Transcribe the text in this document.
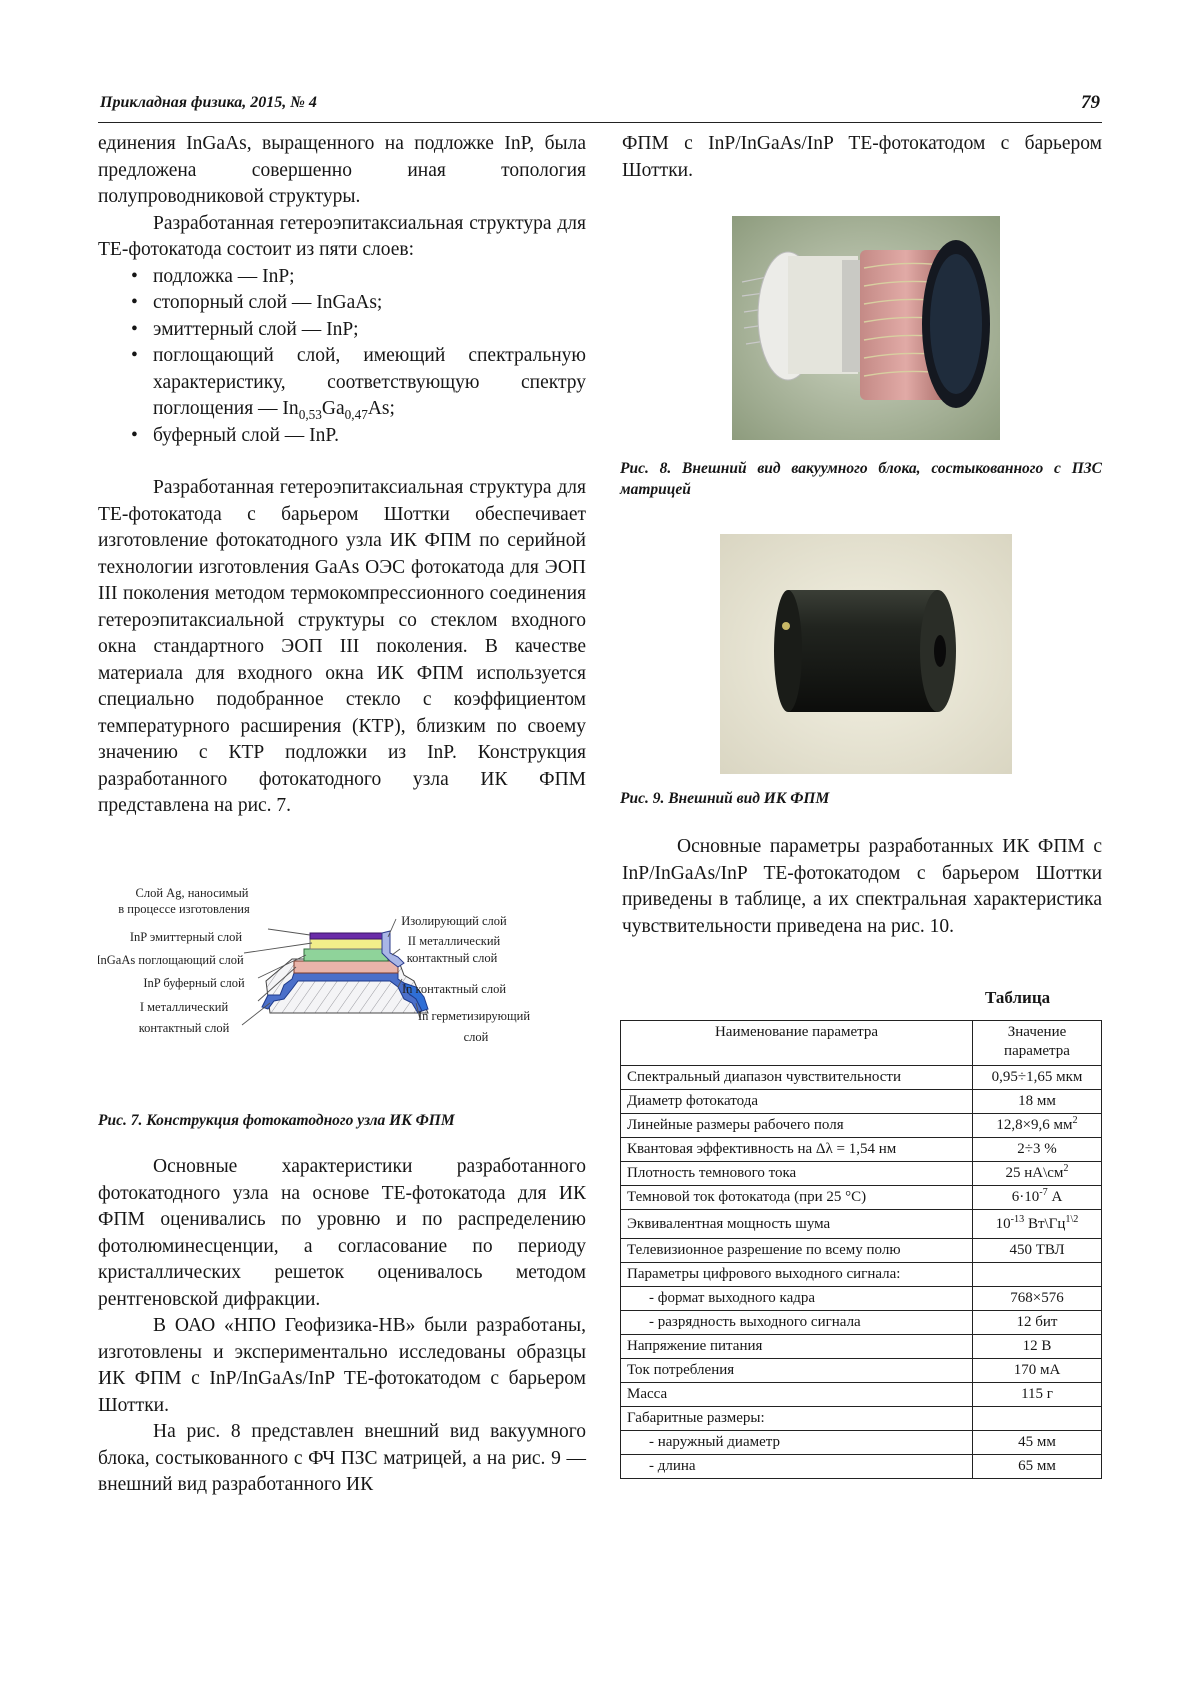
Прикладная физика, 2015, № 4	79

единения InGaAs, выращенного на подложке InP, была предложена совершенно иная топология полупроводниковой структуры.

Разработанная гетероэпитаксиальная структура для ТЕ-фотокатода состоит из пяти слоев:

• подложка — InP;
• стопорный слой — InGaAs;
• эмиттерный слой — InP;
• поглощающий слой, имеющий спектральную характеристику, соответствующую спектру поглощения — $In_{0,53}Ga_{0,47}As$;
• буферный слой — InP.

Разработанная гетероэпитаксиальная структура для ТЕ-фотокатода с барьером Шоттки обеспечивает изготовление фотокатодного узла ИК ФПМ по серийной технологии изготовления GaAs ОЭС фотокатода для ЭОП III поколения методом термокомпрессионного соединения гетероэпитаксиальной структуры со стеклом входного окна стандартного ЭОП III поколения. В качестве материала для входного окна ИК ФПМ используется специально подобранное стекло с коэффициентом температурного расширения (КТР), близким по своему значению с КТР подложки из InP. Конструкция разработанного фотокатодного узла ИК ФПМ представлена на рис. 7.

Слой Ag, наносимый
в процессе изготовления
InP эмиттерный слой
InGaAs поглощающий слой
InP буферный слой
I металлический
контактный слой
Изолирующий слой
II металлический
контактный слой
In контактный слой
In герметизирующий
слой
Рис. 7. Конструкция фотокатодного узла ИК ФПМ

Основные характеристики разработанного фотокатодного узла на основе ТЕ-фотокатода для ИК ФПМ оценивались по уровню и по распределению фотолюминесценции, а согласование по периоду кристаллических решеток оценивалось методом рентгеновской дифракции.

В ОАО «НПО Геофизика-НВ» были разработаны, изготовлены и экспериментально исследованы образцы ИК ФПМ с InP/InGaAs/InP ТЕ-фотокатодом с барьером Шоттки.

На рис. 8 представлен внешний вид вакуумного блока, состыкованного с ФЧ ПЗС матрицей, а на рис. 9 — внешний вид разработанного ИК

ФПМ с InP/InGaAs/InP ТЕ-фотокатодом с барьером Шоттки.

Рис. 8. Внешний вид вакуумного блока, состыкованного с ПЗС матрицей
Рис. 9. Внешний вид ИК ФПМ

Основные параметры разработанных ИК ФПМ с InP/InGaAs/InP ТЕ-фотокатодом с барьером Шоттки приведены в таблице, а их спектральная характеристика чувствительности приведена на рис. 10.

Таблица
Наименование параметра	Значение параметра
Спектральный диапазон чувствительности	0,95÷1,65 мкм
Диаметр фотокатода	18 мм
Линейные размеры рабочего поля	12,8×9,6 $мм^2$
Квантовая эффективность на Δλ = 1,54 нм	2÷3 %
Плотность темнового тока	25 $нА\backslash см^2$
Темновой ток фотокатода (при 25 °С)	$6\cdot 10^{-7}$ А
Эквивалентная мощность шума	$10^{-13}$ $Вт\backslash Гц^{1\backslash 2}$
Телевизионное разрешение по всему полю	450 ТВЛ
Параметры цифрового выходного сигнала:	
- формат выходного кадра	768×576
- разрядность выходного сигнала	12 бит
Напряжение питания	12 В
Ток потребления	170 мА
Масса	115 г
Габаритные размеры:	
- наружный диаметр	45 мм
- длина	65 мм
